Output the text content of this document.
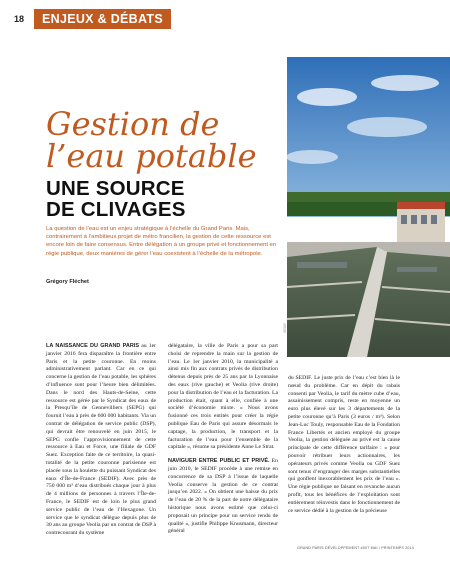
18	ENJEUX & DÉBATS
Gestion de
l’eau potable
UNE SOURCE
DE CLIVAGES
SEDIF

La question de l’eau est un enjeu stratégique à l’échelle du Grand Paris. Mais, contrairement à l’ambitieux projet de métro francilien, la gestion de cette ressource est encore loin de faire consensus. Entre délégation à un groupe privé et fonctionnement en régie publique, deux manières de gérer l’eau coexistent à l’échelle de la métropole.

Grégory Fléchet

LA NAISSANCE DU GRAND PARIS au 1er janvier 2016 fera disparaître la frontière entre Paris et la petite couronne. En moins administrativement parlant. Car en ce qui concerne la gestion de l’eau potable, les sphères d’influence sont pour l’heure bien délimitées. Dans le nord des Hauts-de-Seine, cette ressource est gérée par le Syndicat des eaux de la Presqu’île de Gennevilliers (SEPG) qui fournit l’eau à près de 600 000 habitants. Via un contrat de délégation de service public (DSP), qui devrait être renouvelé en juin 2015, le SEPG confie l’approvisionnement de cette ressource à Eau et Force, une filiale de GDF Suez. Exception faite de ce territoire, la quasi-totalité de la petite couronne parisienne est placée sous la houlette du puissant Syndicat des eaux d’Île-de-France (SEDIF). Avec près de 750 000 m³ d’eau distribués chaque jour à plus de 4 millions de personnes à travers l’Île-de-France, le SEDIF est de loin le plus grand service public de l’eau de l’Hexagone. Un service que le syndicat délègue depuis plus de 30 ans au groupe Veolia par un contrat de DSP à contrecourant du système

délégataire, la ville de Paris a pour sa part choisi de reprendre la main sur la gestion de l’eau. Le 1er janvier 2010, la municipalité a ainsi mis fin aux contrats privés de distribution détenus depuis près de 25 ans par la Lyonnaise des eaux (rive gauche) et Veolia (rive droite) pour la distribution de l’eau et la facturation. La production était, quant à elle, confiée à une société d’économie mixte. « Nous avons fusionné ces trois entités pour créer la régie publique Eau de Paris qui assure désormais le captage, la production, le transport et la facturation de l’eau pour l’ensemble de la capitale », résume sa présidente Anne Le Strat.

NAVIGUER ENTRE PUBLIC ET PRIVÉ. En juin 2010, le SEDIF procède à une remise en concurrence de sa DSP à l’issue de laquelle Veolia conserve la gestion de ce contrat jusqu’en 2022. « On obtient une baisse du prix de l’eau de 20 % de la part de notre délégataire historique nous avons estimé que celui-ci proposait un principe pour un service rendu de qualité », justifie Philippe Knusmann, directeur général

du SEDIF. Le juste prix de l’eau c’est bien là le nœud du problème. Car en dépit du rabais consenti par Veolia, le tarif du mètre cube d’eau, assainissement compris, reste en moyenne un euro plus élevé sur les 3 départements de la petite couronne qu’à Paris (3 euros / m³). Selon Jean-Luc Touly, responsable Eau de la Fondation France Libertés et ancien employé du groupe Veolia, la gestion déléguée au privé est la cause principale de cette différence tarifaire : « pour pouvoir rétribuer leurs actionnaires, les opérateurs privés comme Veolia ou GDF Suez sont tenus d’engranger des marges substantielles qui gonflent inexorablement les prix de l’eau ». Une régie publique ne faisant en revanche aucun profit, tous les bénéfices de l’exploitation sont entièrement réinvestis dans le fonctionnement de ce service dédié à la gestion de la précieuse

GRAND PARIS DÉVELOPPEMENT #007 MAI / PRINTEMPS 2014
